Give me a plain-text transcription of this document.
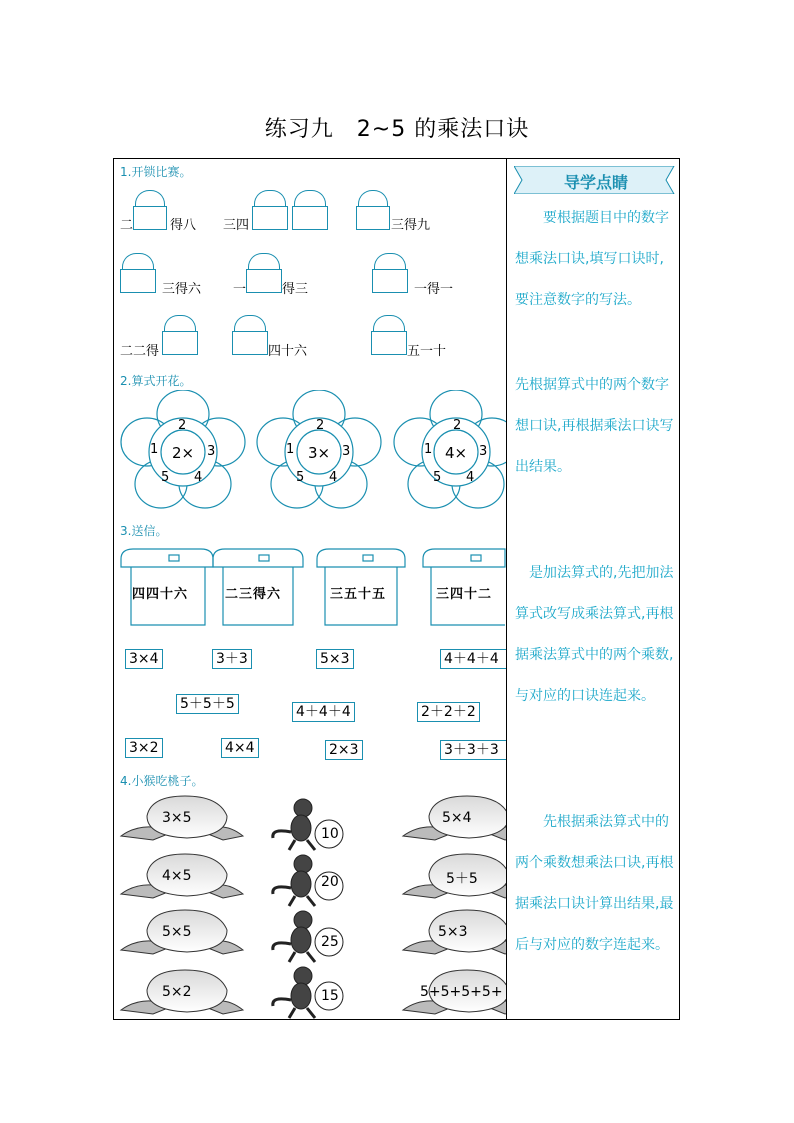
练习九　2~5 的乘法口诀
1.开锁比赛。
二	得八 三四	三得九
三得六 一	得三	一得一
二二得	四十六	五一十
2.算式开花。
2
1	3
5 4
2×
2
1	3
5 4
3×
2
1	3
5 4
4×
3.送信。
四四十六	二三得六	三五十五	三四十二
3×4	3＋3	5×3	4＋4＋4
5＋5＋5	4＋4＋4	2＋2＋2
3×2	4×4	2×3	3＋3＋3
4.小猴吃桃子。
3×5
4×5
5×5
5×2
10
20
25
15
5×4
5＋5
5×3
5+5+5+5+
导学点睛
要根据题目中的数字想乘法口诀,填写口诀时,要注意数字的写法。
先根据算式中的两个数字想口诀,再根据乘法口诀写出结果。
是加法算式的,先把加法算式改写成乘法算式,再根据乘法算式中的两个乘数,与对应的口诀连起来。
先根据乘法算式中的两个乘数想乘法口诀,再根据乘法口诀计算出结果,最后与对应的数字连起来。
